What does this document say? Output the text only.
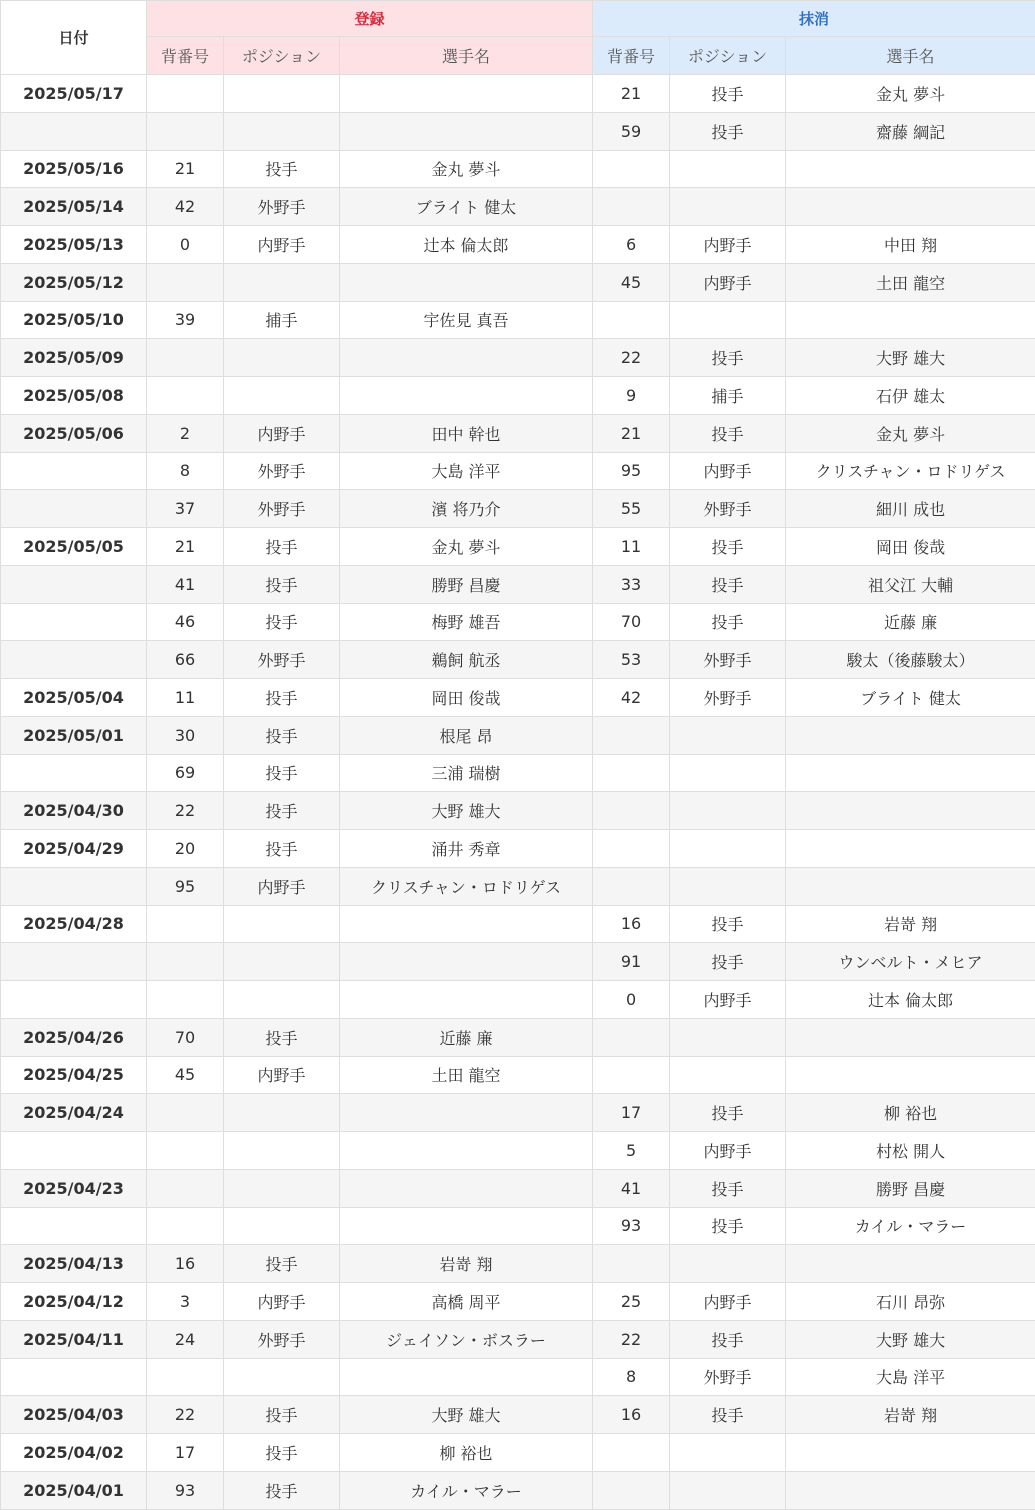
日付	登録			抹消		
	背番号	ポジション	選手名	背番号	ポジション	選手名
2025/05/17				21	投手	金丸 夢斗
				59	投手	齋藤 綱記
2025/05/16	21	投手	金丸 夢斗			
2025/05/14	42	外野手	ブライト 健太			
2025/05/13	0	内野手	辻本 倫太郎	6	内野手	中田 翔
2025/05/12				45	内野手	土田 龍空
2025/05/10	39	捕手	宇佐見 真吾			
2025/05/09				22	投手	大野 雄大
2025/05/08				9	捕手	石伊 雄太
2025/05/06	2	内野手	田中 幹也	21	投手	金丸 夢斗
	8	外野手	大島 洋平	95	内野手	クリスチャン・ロドリゲス
	37	外野手	濱 将乃介	55	外野手	細川 成也
2025/05/05	21	投手	金丸 夢斗	11	投手	岡田 俊哉
	41	投手	勝野 昌慶	33	投手	祖父江 大輔
	46	投手	梅野 雄吾	70	投手	近藤 廉
	66	外野手	鵜飼 航丞	53	外野手	駿太（後藤駿太）
2025/05/04	11	投手	岡田 俊哉	42	外野手	ブライト 健太
2025/05/01	30	投手	根尾 昂			
	69	投手	三浦 瑞樹			
2025/04/30	22	投手	大野 雄大			
2025/04/29	20	投手	涌井 秀章			
	95	内野手	クリスチャン・ロドリゲス			
2025/04/28				16	投手	岩嵜 翔
				91	投手	ウンベルト・メヒア
				0	内野手	辻本 倫太郎
2025/04/26	70	投手	近藤 廉			
2025/04/25	45	内野手	土田 龍空			
2025/04/24				17	投手	柳 裕也
				5	内野手	村松 開人
2025/04/23				41	投手	勝野 昌慶
				93	投手	カイル・マラー
2025/04/13	16	投手	岩嵜 翔			
2025/04/12	3	内野手	高橋 周平	25	内野手	石川 昂弥
2025/04/11	24	外野手	ジェイソン・ボスラー	22	投手	大野 雄大
				8	外野手	大島 洋平
2025/04/03	22	投手	大野 雄大	16	投手	岩嵜 翔
2025/04/02	17	投手	柳 裕也			
2025/04/01	93	投手	カイル・マラー			
